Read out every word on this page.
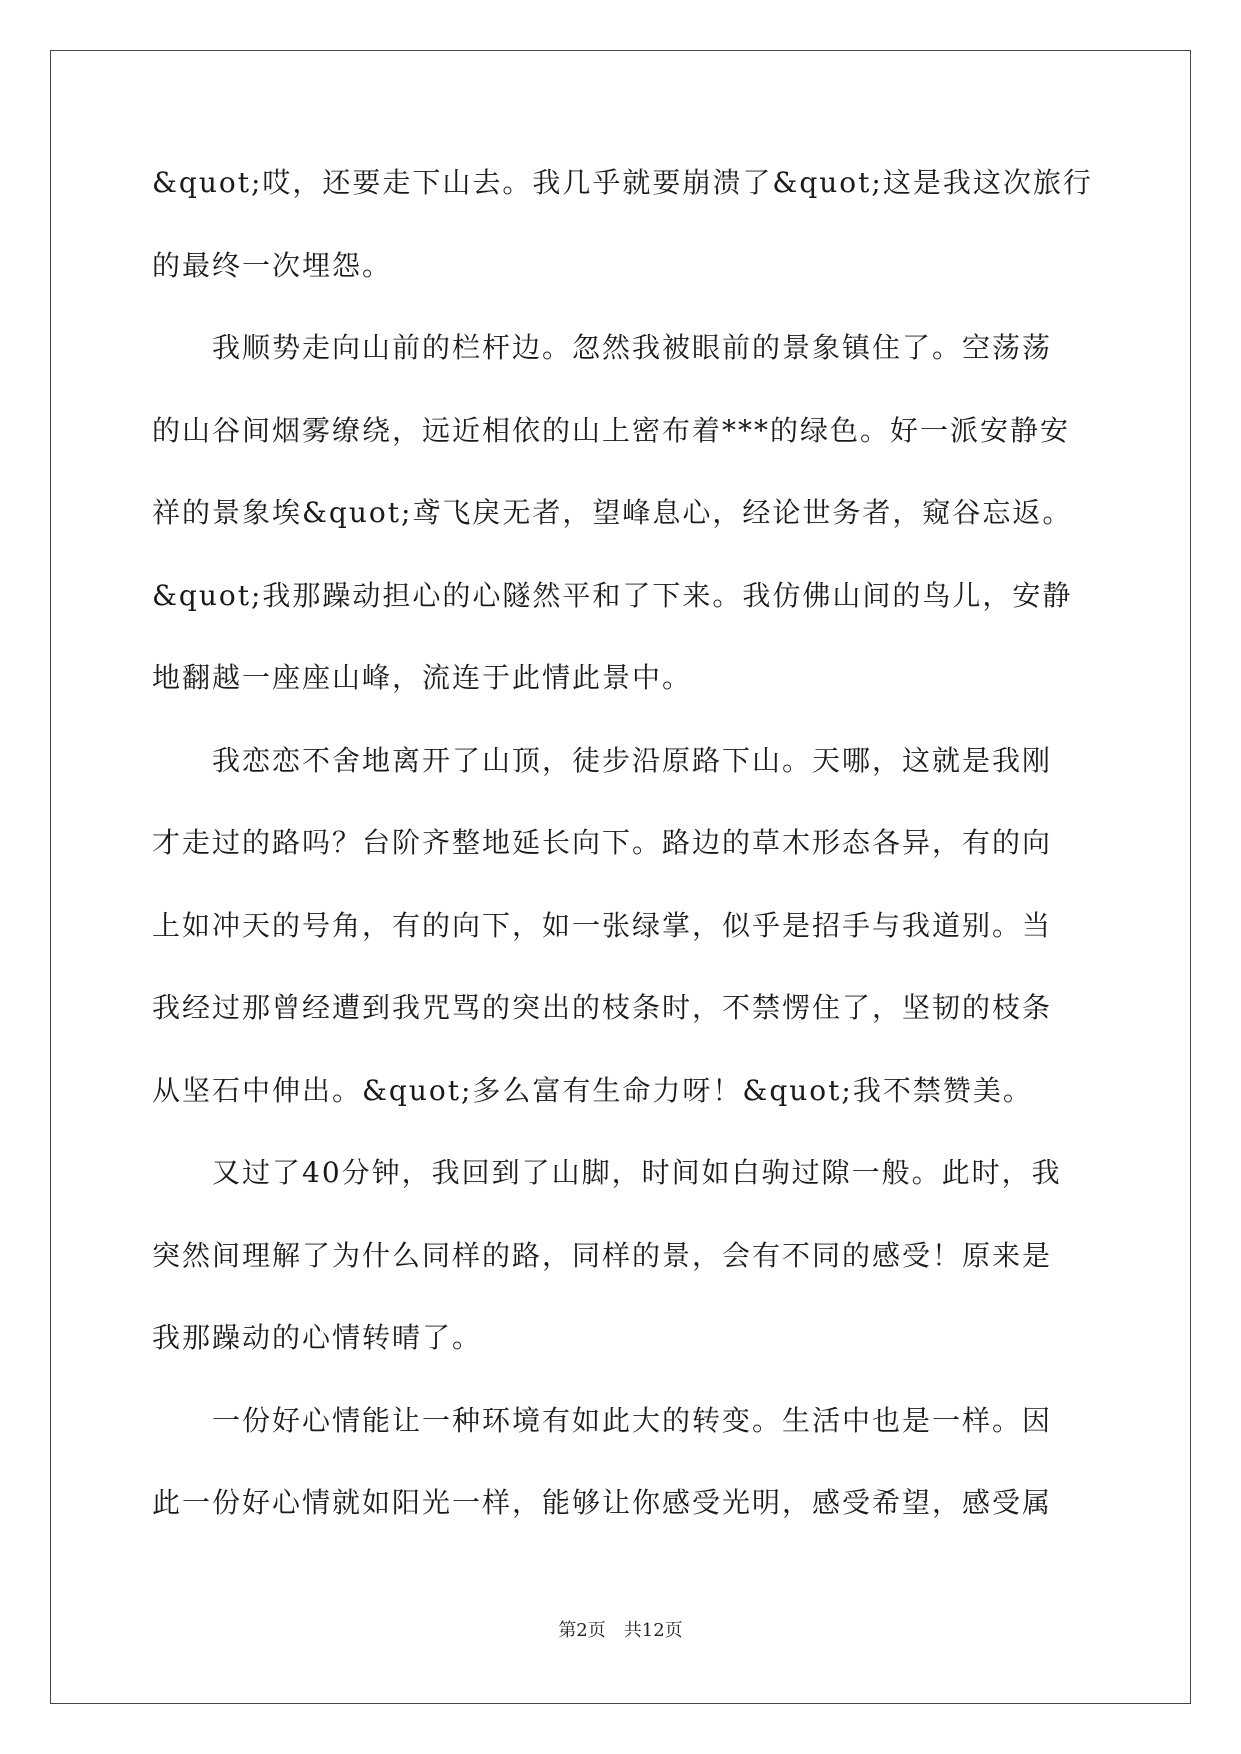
&quot;哎，还要走下山去。我几乎就要崩溃了&quot;这是我这次旅行
的最终一次埋怨。
　　我顺势走向山前的栏杆边。忽然我被眼前的景象镇住了。空荡荡
的山谷间烟雾缭绕，远近相依的山上密布着***的绿色。好一派安静安
祥的景象埃&quot;鸢飞戾无者，望峰息心，经论世务者，窥谷忘返。
&quot;我那躁动担心的心隧然平和了下来。我仿佛山间的鸟儿，安静
地翻越一座座山峰，流连于此情此景中。
　　我恋恋不舍地离开了山顶，徒步沿原路下山。天哪，这就是我刚
才走过的路吗？台阶齐整地延长向下。路边的草木形态各异，有的向
上如冲天的号角，有的向下，如一张绿掌，似乎是招手与我道别。当
我经过那曾经遭到我咒骂的突出的枝条时，不禁愣住了，坚韧的枝条
从坚石中伸出。&quot;多么富有生命力呀！&quot;我不禁赞美。
　　又过了40分钟，我回到了山脚，时间如白驹过隙一般。此时，我
突然间理解了为什么同样的路，同样的景，会有不同的感受！原来是
我那躁动的心情转晴了。
　　一份好心情能让一种环境有如此大的转变。生活中也是一样。因
此一份好心情就如阳光一样，能够让你感受光明，感受希望，感受属
第2页　共12页
